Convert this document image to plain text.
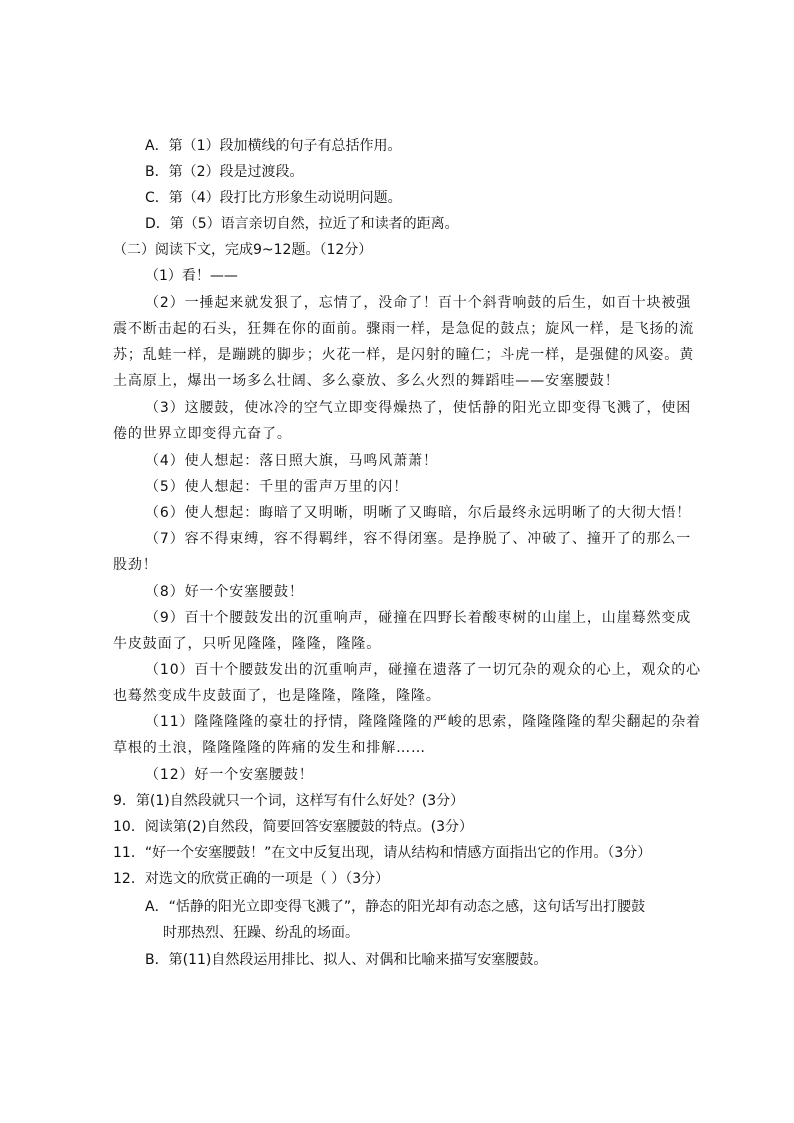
A．第（1）段加横线的句子有总括作用。
B．第（2）段是过渡段。
C．第（4）段打比方形象生动说明问题。
D．第（5）语言亲切自然，拉近了和读者的距离。
（二）阅读下文，完成9~12题。（12分）
（1）看！——
（2）一捶起来就发狠了，忘情了，没命了！百十个斜背响鼓的后生，如百十块被强
震不断击起的石头，狂舞在你的面前。骤雨一样，是急促的鼓点；旋风一样，是飞扬的流
苏；乱蛙一样，是蹦跳的脚步；火花一样，是闪射的瞳仁；斗虎一样，是强健的风姿。黄
土高原上，爆出一场多么壮阔、多么豪放、多么火烈的舞蹈哇——安塞腰鼓！
（3）这腰鼓，使冰冷的空气立即变得燥热了，使恬静的阳光立即变得飞溅了，使困
倦的世界立即变得亢奋了。
（4）使人想起：落日照大旗，马鸣风萧萧！
（5）使人想起：千里的雷声万里的闪！
（6）使人想起：晦暗了又明晰，明晰了又晦暗，尔后最终永远明晰了的大彻大悟！
（7）容不得束缚，容不得羁绊，容不得闭塞。是挣脱了、冲破了、撞开了的那么一
股劲！
（8）好一个安塞腰鼓！
（9）百十个腰鼓发出的沉重响声，碰撞在四野长着酸枣树的山崖上，山崖蓦然变成
牛皮鼓面了，只听见隆隆，隆隆，隆隆。
（10）百十个腰鼓发出的沉重响声，碰撞在遗落了一切冗杂的观众的心上，观众的心
也蓦然变成牛皮鼓面了，也是隆隆，隆隆，隆隆。
（11）隆隆隆隆的豪壮的抒情，隆隆隆隆的严峻的思索，隆隆隆隆的犁尖翻起的杂着
草根的土浪，隆隆隆隆的阵痛的发生和排解……
（12）好一个安塞腰鼓！
9．第(1)自然段就只一个词，这样写有什么好处？(3分）
10．阅读第(2)自然段，简要回答安塞腰鼓的特点。(3分）
11．“好一个安塞腰鼓！”在文中反复出现，请从结构和情感方面指出它的作用。（3分）
12．对选文的欣赏正确的一项是（ ）（3分）
A．“恬静的阳光立即变得飞溅了”，静态的阳光却有动态之感，这句话写出打腰鼓
时那热烈、狂躁、纷乱的场面。
B．第(11)自然段运用排比、拟人、对偶和比喻来描写安塞腰鼓。
